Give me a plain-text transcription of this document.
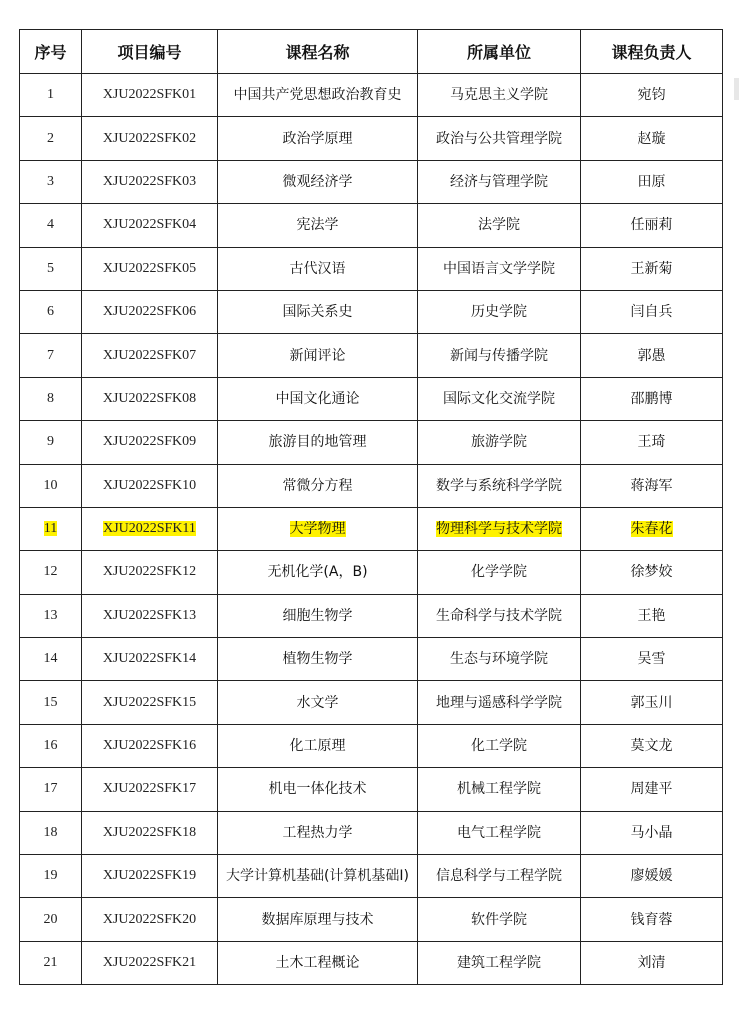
序号	项目编号	课程名称	所属单位	课程负责人
1	XJU2022SFK01	中国共产党思想政治教育史	马克思主义学院	宛钧
2	XJU2022SFK02	政治学原理	政治与公共管理学院	赵璇
3	XJU2022SFK03	微观经济学	经济与管理学院	田原
4	XJU2022SFK04	宪法学	法学院	任丽莉
5	XJU2022SFK05	古代汉语	中国语言文学学院	王新菊
6	XJU2022SFK06	国际关系史	历史学院	闫自兵
7	XJU2022SFK07	新闻评论	新闻与传播学院	郭愚
8	XJU2022SFK08	中国文化通论	国际文化交流学院	邵鹏博
9	XJU2022SFK09	旅游目的地管理	旅游学院	王琦
10	XJU2022SFK10	常微分方程	数学与系统科学学院	蒋海军
11	XJU2022SFK11	大学物理	物理科学与技术学院	朱春花
12	XJU2022SFK12	无机化学(A，B)	化学学院	徐梦姣
13	XJU2022SFK13	细胞生物学	生命科学与技术学院	王艳
14	XJU2022SFK14	植物生物学	生态与环境学院	吴雪
15	XJU2022SFK15	水文学	地理与遥感科学学院	郭玉川
16	XJU2022SFK16	化工原理	化工学院	莫文龙
17	XJU2022SFK17	机电一体化技术	机械工程学院	周建平
18	XJU2022SFK18	工程热力学	电气工程学院	马小晶
19	XJU2022SFK19	大学计算机基础(计算机基础Ⅰ)	信息科学与工程学院	廖媛媛
20	XJU2022SFK20	数据库原理与技术	软件学院	钱育蓉
21	XJU2022SFK21	土木工程概论	建筑工程学院	刘清
